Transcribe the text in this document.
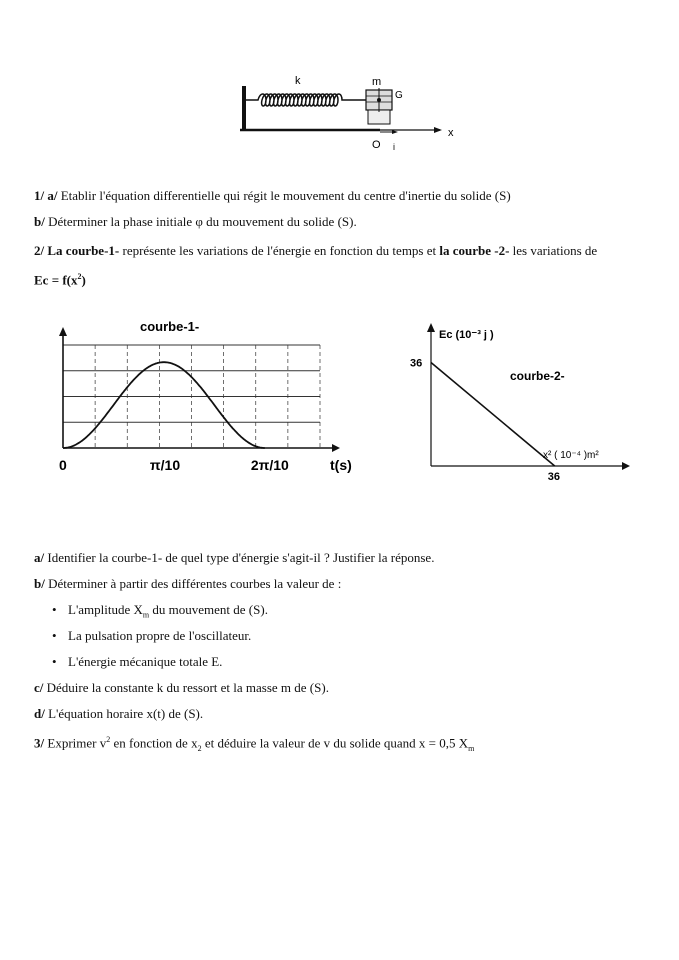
k	m
G
O i
x
1/ a/ Etablir l'équation differentielle qui régit le mouvement du centre d'inertie du solide (S)
b/ Déterminer la phase initiale φ du mouvement du solide (S).
2/ La courbe-1- représente les variations de l'énergie en fonction du temps et la courbe -2- les variations de
$Ec = f(x^2)$
courbe-1-
0	π/10	2π/10	t(s)
Ec (10⁻³ j )
courbe-2-
36
36
x² ( 10⁻⁴ )m²
a/ Identifier la courbe-1- de quel type d'énergie s'agit-il ? Justifier la réponse.
b/ Déterminer à partir des différentes courbes la valeur de :
• L'amplitude $X_m$ du mouvement de (S).
• La pulsation propre de l'oscillateur.
• L'énergie mécanique totale E.
c/ Déduire la constante k du ressort et la masse m de (S).
d/ L'équation horaire x(t) de (S).
3/ Exprimer $v^2$ en fonction de $x_2$ et déduire la valeur de v du solide quand x = 0,5 $X_m$
